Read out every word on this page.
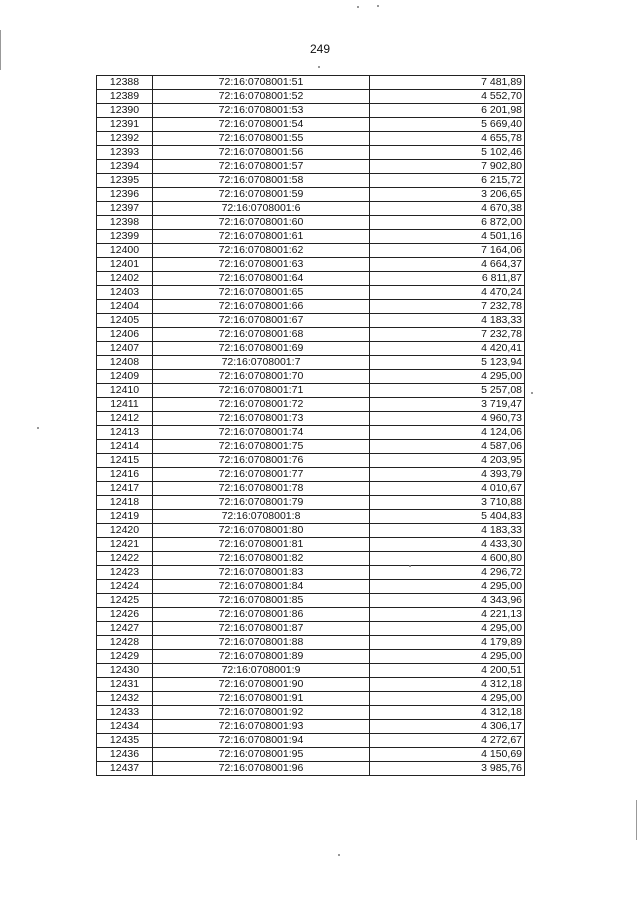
249
12388	72:16:0708001:51	7 481,89
12389	72:16:0708001:52	4 552,70
12390	72:16:0708001:53	6 201,98
12391	72:16:0708001:54	5 669,40
12392	72:16:0708001:55	4 655,78
12393	72:16:0708001:56	5 102,46
12394	72:16:0708001:57	7 902,80
12395	72:16:0708001:58	6 215,72
12396	72:16:0708001:59	3 206,65
12397	72:16:0708001:6	4 670,38
12398	72:16:0708001:60	6 872,00
12399	72:16:0708001:61	4 501,16
12400	72:16:0708001:62	7 164,06
12401	72:16:0708001:63	4 664,37
12402	72:16:0708001:64	6 811,87
12403	72:16:0708001:65	4 470,24
12404	72:16:0708001:66	7 232,78
12405	72:16:0708001:67	4 183,33
12406	72:16:0708001:68	7 232,78
12407	72:16:0708001:69	4 420,41
12408	72:16:0708001:7	5 123,94
12409	72:16:0708001:70	4 295,00
12410	72:16:0708001:71	5 257,08
12411	72:16:0708001:72	3 719,47
12412	72:16:0708001:73	4 960,73
12413	72:16:0708001:74	4 124,06
12414	72:16:0708001:75	4 587,06
12415	72:16:0708001:76	4 203,95
12416	72:16:0708001:77	4 393,79
12417	72:16:0708001:78	4 010,67
12418	72:16:0708001:79	3 710,88
12419	72:16:0708001:8	5 404,83
12420	72:16:0708001:80	4 183,33
12421	72:16:0708001:81	4 433,30
12422	72:16:0708001:82	4 600,80
12423	72:16:0708001:83	4 296,72
12424	72:16:0708001:84	4 295,00
12425	72:16:0708001:85	4 343,96
12426	72:16:0708001:86	4 221,13
12427	72:16:0708001:87	4 295,00
12428	72:16:0708001:88	4 179,89
12429	72:16:0708001:89	4 295,00
12430	72:16:0708001:9	4 200,51
12431	72:16:0708001:90	4 312,18
12432	72:16:0708001:91	4 295,00
12433	72:16:0708001:92	4 312,18
12434	72:16:0708001:93	4 306,17
12435	72:16:0708001:94	4 272,67
12436	72:16:0708001:95	4 150,69
12437	72:16:0708001:96	3 985,76
